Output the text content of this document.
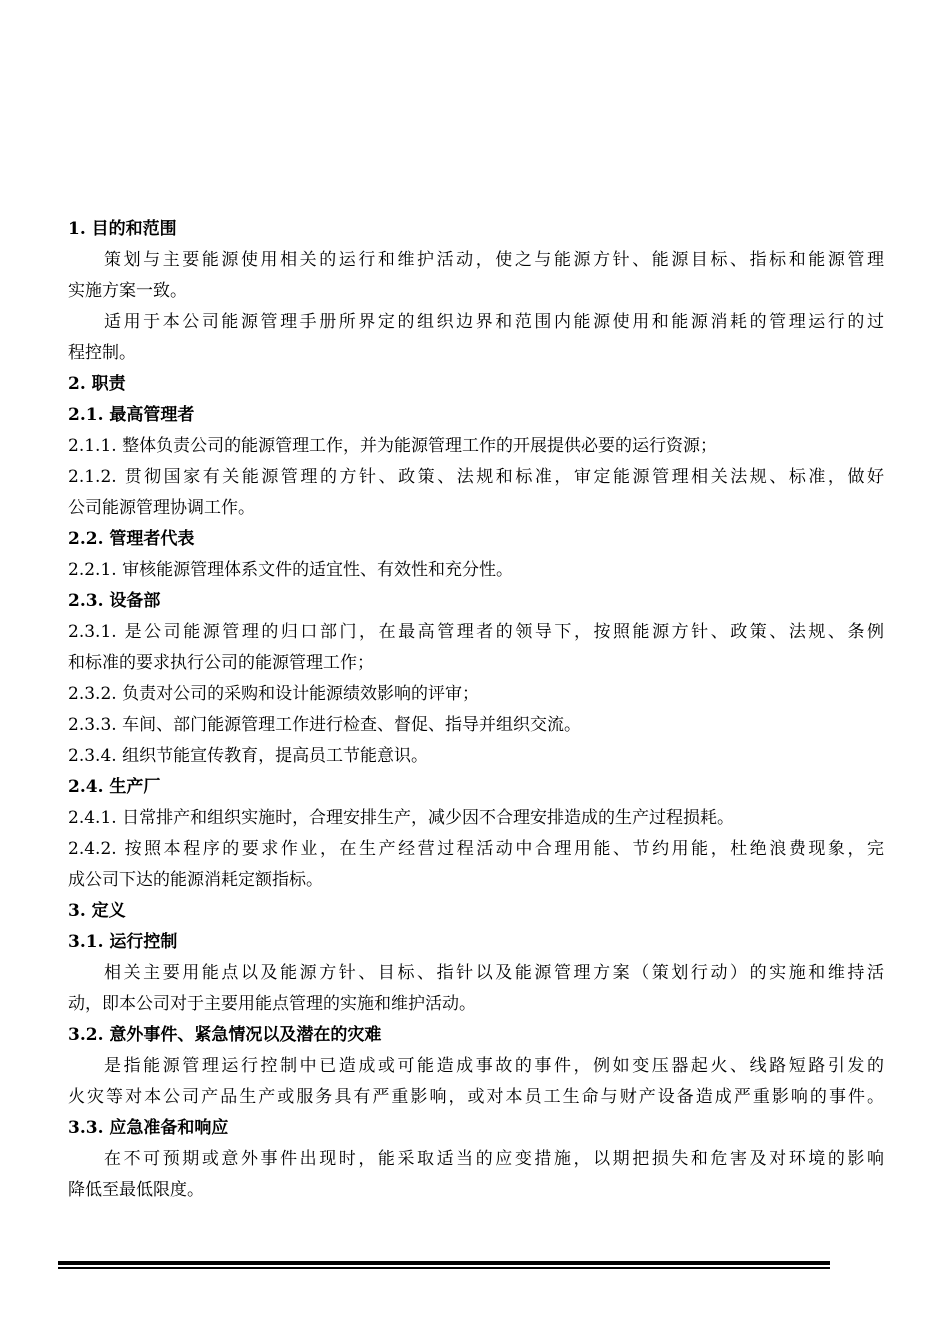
1. 目的和范围
策划与主要能源使用相关的运行和维护活动，使之与能源方针、能源目标、指标和能源管理
实施方案一致。
适用于本公司能源管理手册所界定的组织边界和范围内能源使用和能源消耗的管理运行的过
程控制。
2. 职责
2.1. 最高管理者
2.1.1. 整体负责公司的能源管理工作，并为能源管理工作的开展提供必要的运行资源；
2.1.2. 贯彻国家有关能源管理的方针、政策、法规和标准，审定能源管理相关法规、标准，做好
公司能源管理协调工作。
2.2. 管理者代表
2.2.1. 审核能源管理体系文件的适宜性、有效性和充分性。
2.3. 设备部
2.3.1. 是公司能源管理的归口部门，在最高管理者的领导下，按照能源方针、政策、法规、条例
和标准的要求执行公司的能源管理工作；
2.3.2. 负责对公司的采购和设计能源绩效影响的评审；
2.3.3. 车间、部门能源管理工作进行检查、督促、指导并组织交流。
2.3.4. 组织节能宣传教育，提高员工节能意识。
2.4. 生产厂
2.4.1. 日常排产和组织实施时，合理安排生产，减少因不合理安排造成的生产过程损耗。
2.4.2. 按照本程序的要求作业，在生产经营过程活动中合理用能、节约用能，杜绝浪费现象，完
成公司下达的能源消耗定额指标。
3. 定义
3.1. 运行控制
相关主要用能点以及能源方针、目标、指针以及能源管理方案（策划行动）的实施和维持活
动，即本公司对于主要用能点管理的实施和维护活动。
3.2. 意外事件、紧急情况以及潜在的灾难
是指能源管理运行控制中已造成或可能造成事故的事件，例如变压器起火、线路短路引发的
火灾等对本公司产品生产或服务具有严重影响，或对本员工生命与财产设备造成严重影响的事件。
3.3. 应急准备和响应
在不可预期或意外事件出现时，能采取适当的应变措施，以期把损失和危害及对环境的影响
降低至最低限度。
